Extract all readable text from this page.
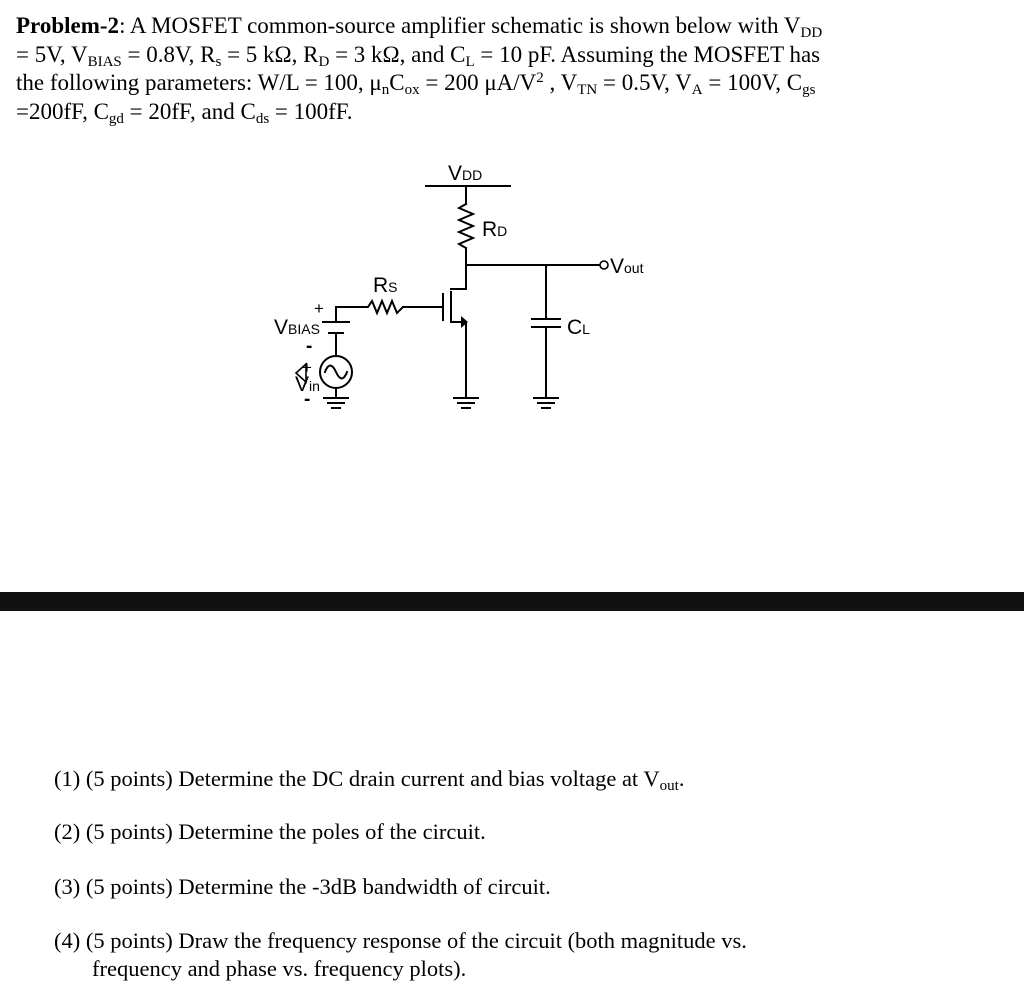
Problem-2: A MOSFET common-source amplifier schematic is shown below with $V_{DD}$
= 5V, $V_{BIAS} = 0.8V$, $R_s = 5$ kΩ, $R_D = 3$ kΩ, and $C_L = 10$ pF. Assuming the MOSFET has
the following parameters: W/L = 100, $\mu_nC_{ox} = 200$ $\mu A/V^2$ , $V_{TN} = 0.5V$, $V_A = 100V$, $C_{gs}$
=200fF, $C_{gd} = 20fF$, and $C_{ds} = 100fF$.
VDD
RD
Vout
RS
+
VBIAS
-
+
Vin
-
CL
(1) (5 points) Determine the DC drain current and bias voltage at $V_{out}$.
(2) (5 points) Determine the poles of the circuit.
(3) (5 points) Determine the -3dB bandwidth of circuit.
(4) (5 points) Draw the frequency response of the circuit (both magnitude vs.
frequency and phase vs. frequency plots).
